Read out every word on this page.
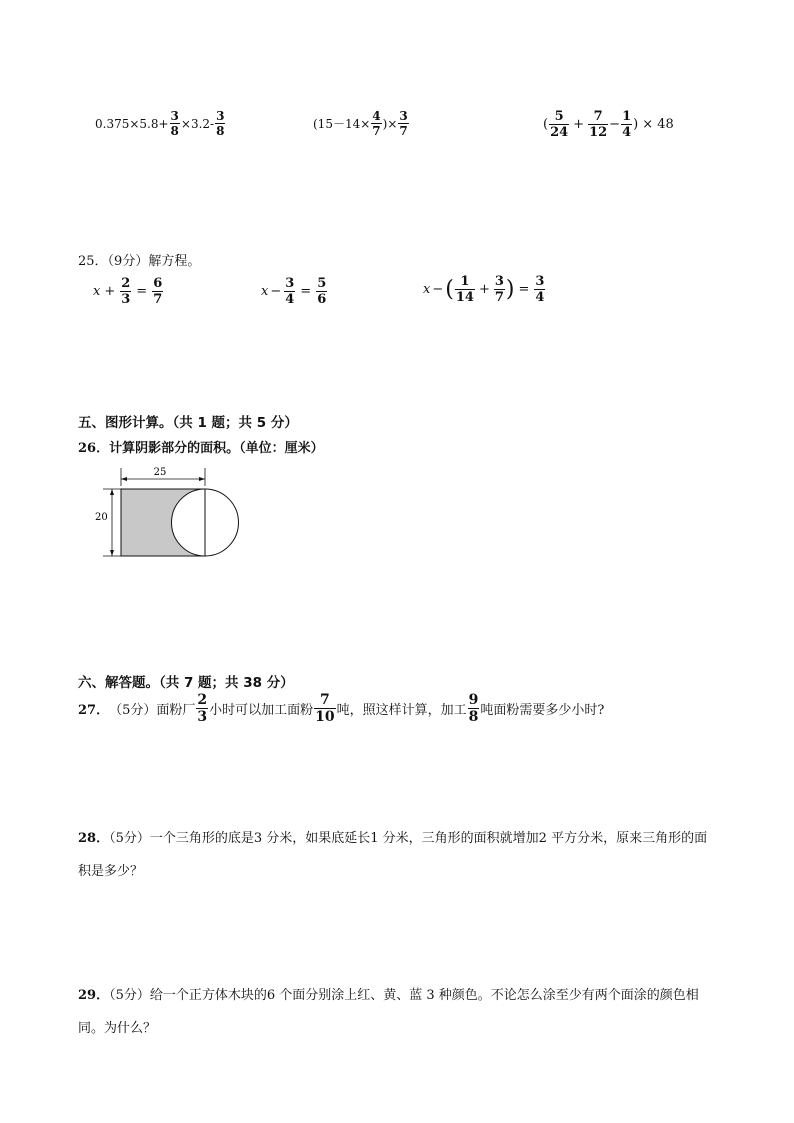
$0.375\times 5.8+ \frac{3}{8} \times 3.2- \frac{3}{8}$	($15-14\times \frac{4}{7}$ )× $\frac{3}{7}$	( $\frac{5}{24} + \frac{7}{12} - \frac{1}{4}$ ) × 48
25．（9分）解方程。
$x + \frac{2}{3} = \frac{6}{7}$	$x - \frac{3}{4} = \frac{5}{6}$	x − ( $\frac{1}{14} + \frac{3}{7}$ ) = $\frac{3}{4}$
五、图形计算。（共 1 题；共 5 分）
26．计算阴影部分的面积。（单位：厘米）
25
20
六、解答题。（共 7 题；共 38 分）
27． （5分）面粉厂 $\frac{2}{3}$ 小时可以加工面粉 $\frac{7}{10}$ 吨，照这样计算，加工 $\frac{9}{8}$ 吨面粉需要多少小时?
28．（5分）一个三角形的底是3 分米，如果底延长1 分米，三角形的面积就增加2 平方分米，原来三角形的面积是多少？
29．（5分）给一个正方体木块的6 个面分别涂上红、黄、蓝 3 种颜色。不论怎么涂至少有两个面涂的颜色相同。为什么？
